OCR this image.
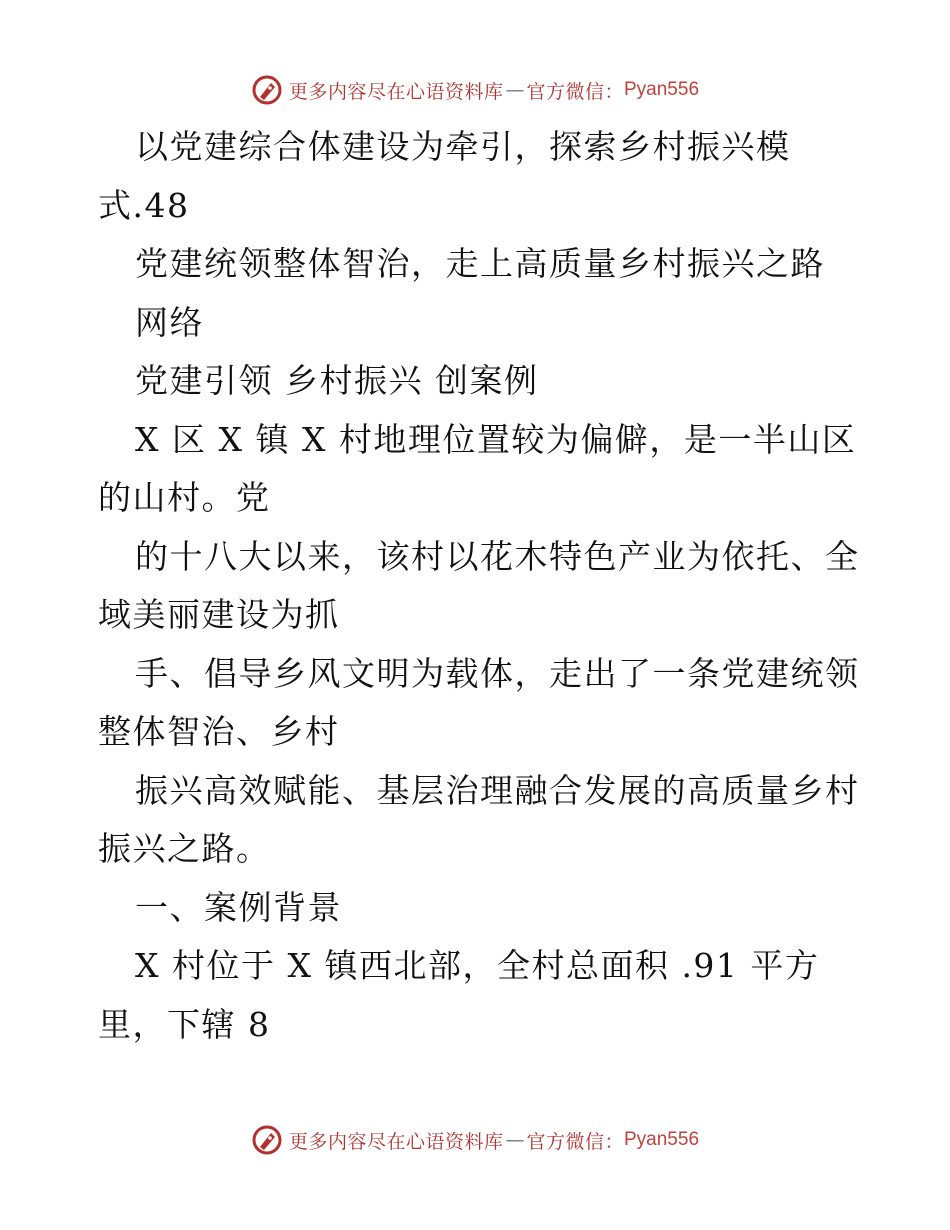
更多内容尽在心语资料库 — 官方微信： Pyan556
以党建综合体建设为牵引，探索乡村振兴模
式.48
党建统领整体智治，走上高质量乡村振兴之路
网络
党建引领 乡村振兴 创案例
X 区 X 镇 X 村地理位置较为偏僻，是一半山区
的山村。党
的十八大以来，该村以花木特色产业为依托、全
域美丽建设为抓
手、倡导乡风文明为载体，走出了一条党建统领
整体智治、乡村
振兴高效赋能、基层治理融合发展的高质量乡村
振兴之路。
一、案例背景
X 村位于 X 镇西北部，全村总面积 .91 平方
里，下辖 8
更多内容尽在心语资料库 — 官方微信： Pyan556
